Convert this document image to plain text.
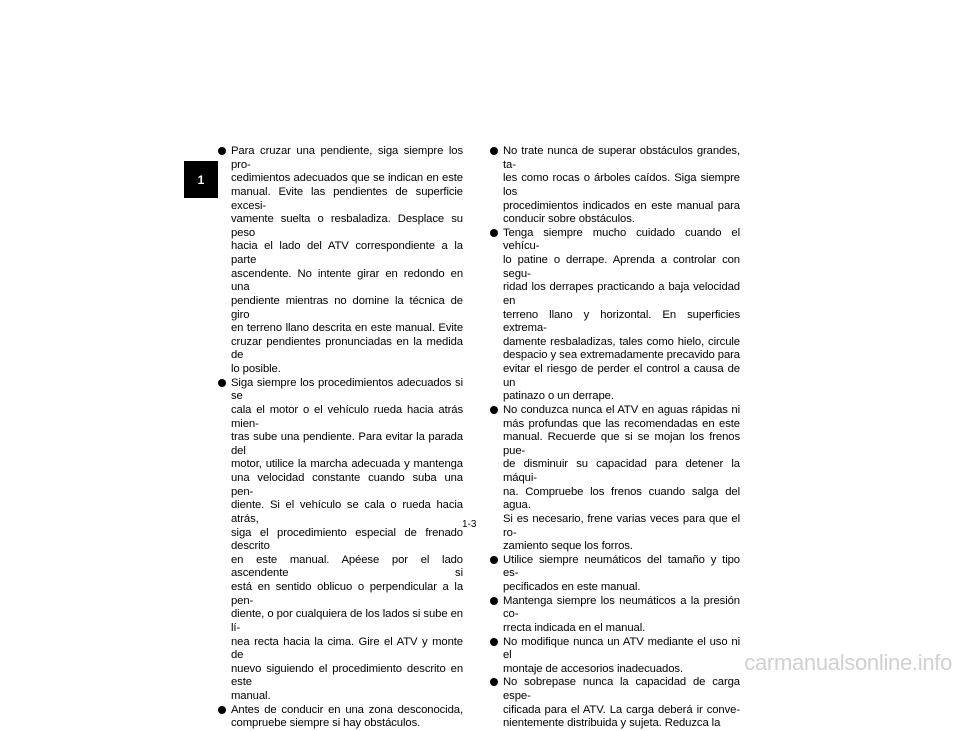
1
Para cruzar una pendiente, siga siempre los pro-
cedimientos adecuados que se indican en este
manual. Evite las pendientes de superficie excesi-
vamente suelta o resbaladiza. Desplace su peso
hacia el lado del ATV correspondiente a la parte
ascendente. No intente girar en redondo en una
pendiente mientras no domine la técnica de giro
en terreno llano descrita en este manual. Evite
cruzar pendientes pronunciadas en la medida de
lo posible.
Siga siempre los procedimientos adecuados si se
cala el motor o el vehículo rueda hacia atrás mien-
tras sube una pendiente. Para evitar la parada del
motor, utilice la marcha adecuada y mantenga
una velocidad constante cuando suba una pen-
diente. Si el vehículo se cala o rueda hacia atrás,
siga el procedimiento especial de frenado descrito
en este manual. Apéese por el lado ascendente si
está en sentido oblicuo o perpendicular a la pen-
diente, o por cualquiera de los lados si sube en lí-
nea recta hacia la cima. Gire el ATV y monte de
nuevo siguiendo el procedimiento descrito en este
manual.
Antes de conducir en una zona desconocida,
compruebe siempre si hay obstáculos.
No trate nunca de superar obstáculos grandes, ta-
les como rocas o árboles caídos. Siga siempre los
procedimientos indicados en este manual para
conducir sobre obstáculos.
Tenga siempre mucho cuidado cuando el vehícu-
lo patine o derrape. Aprenda a controlar con segu-
ridad los derrapes practicando a baja velocidad en
terreno llano y horizontal. En superficies extrema-
damente resbaladizas, tales como hielo, circule
despacio y sea extremadamente precavido para
evitar el riesgo de perder el control a causa de un
patinazo o un derrape.
No conduzca nunca el ATV en aguas rápidas ni
más profundas que las recomendadas en este
manual. Recuerde que si se mojan los frenos pue-
de disminuir su capacidad para detener la máqui-
na. Compruebe los frenos cuando salga del agua.
Si es necesario, frene varias veces para que el ro-
zamiento seque los forros.
Utilice siempre neumáticos del tamaño y tipo es-
pecificados en este manual.
Mantenga siempre los neumáticos a la presión co-
rrecta indicada en el manual.
No modifique nunca un ATV mediante el uso ni el
montaje de accesorios inadecuados.
No sobrepase nunca la capacidad de carga espe-
cificada para el ATV. La carga deberá ir conve-
nientemente distribuida y sujeta. Reduzca la
1-3
carmanualsonline.info
